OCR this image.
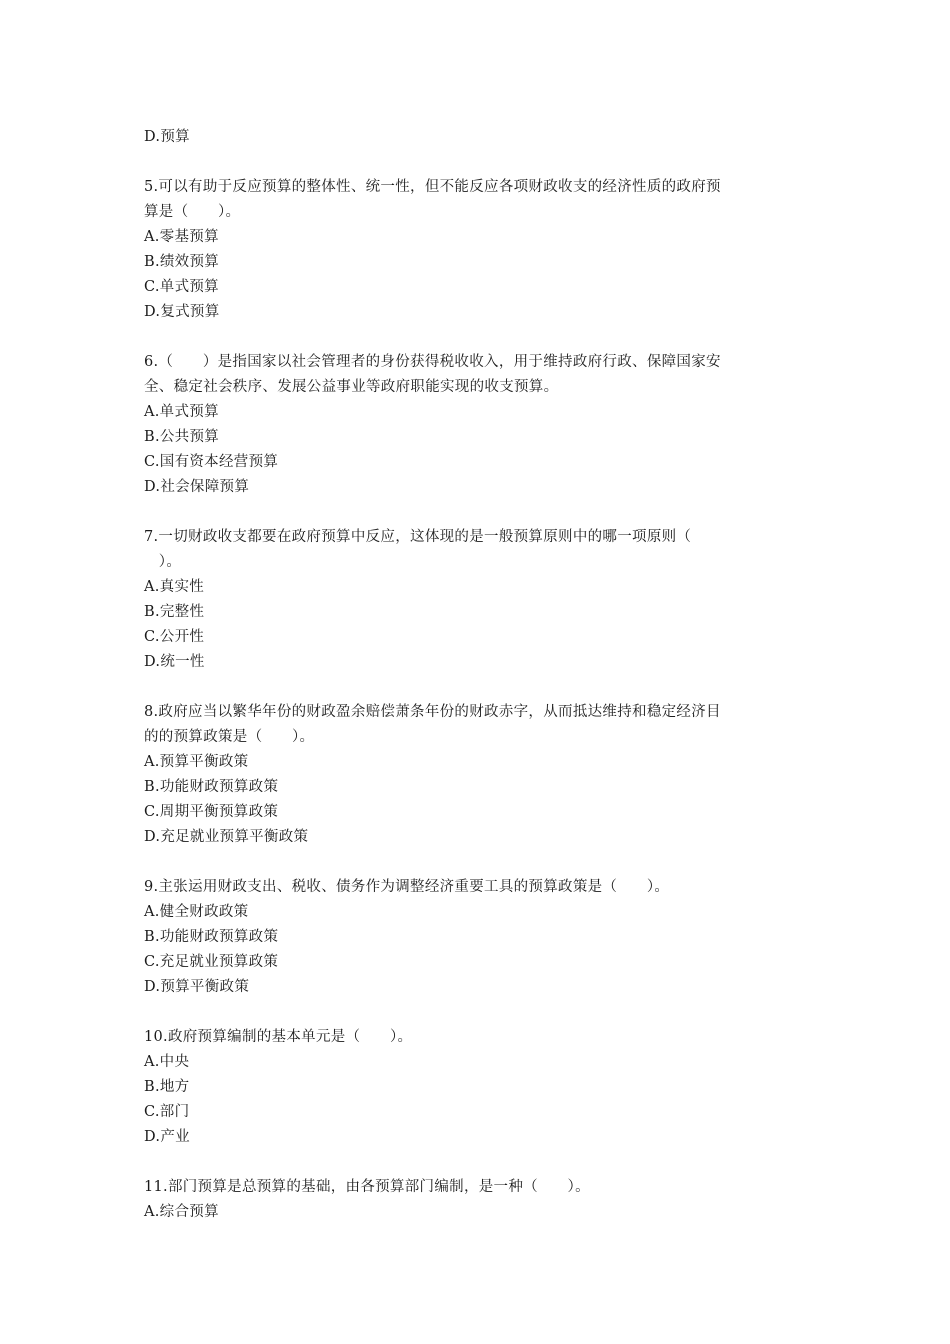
D.预算
5.可以有助于反应预算的整体性、统一性，但不能反应各项财政收支的经济性质的政府预
算是（　　）。
A.零基预算
B.绩效预算
C.单式预算
D.复式预算
6.（　　）是指国家以社会管理者的身份获得税收收入，用于维持政府行政、保障国家安
全、稳定社会秩序、发展公益事业等政府职能实现的收支预算。
A.单式预算
B.公共预算
C.国有资本经营预算
D.社会保障预算
7.一切财政收支都要在政府预算中反应，这体现的是一般预算原则中的哪一项原则（
　）。
A.真实性
B.完整性
C.公开性
D.统一性
8.政府应当以繁华年份的财政盈余赔偿萧条年份的财政赤字，从而抵达维持和稳定经济目
的的预算政策是（　　）。
A.预算平衡政策
B.功能财政预算政策
C.周期平衡预算政策
D.充足就业预算平衡政策
9.主张运用财政支出、税收、债务作为调整经济重要工具的预算政策是（　　）。
A.健全财政政策
B.功能财政预算政策
C.充足就业预算政策
D.预算平衡政策
10.政府预算编制的基本单元是（　　）。
A.中央
B.地方
C.部门
D.产业
11.部门预算是总预算的基础，由各预算部门编制，是一种（　　）。
A.综合预算
